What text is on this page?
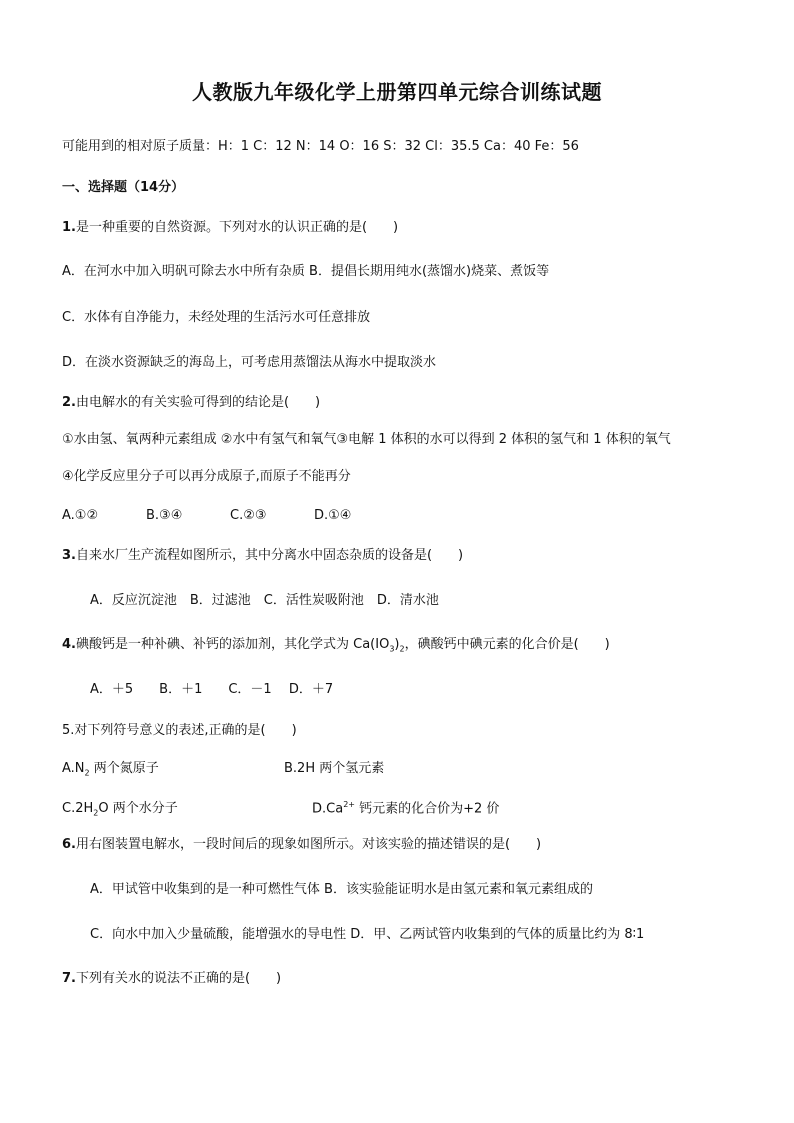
人教版九年级化学上册第四单元综合训练试题
可能用到的相对原子质量：H：1 C：12 N：14 O：16 S：32 Cl：35.5 Ca：40 Fe：56
一、选择题（14分）
1.是一种重要的自然资源。下列对水的认识正确的是(　　)
A．在河水中加入明矾可除去水中所有杂质 B．提倡长期用纯水(蒸馏水)烧菜、煮饭等
C．水体有自净能力，未经处理的生活污水可任意排放
D．在淡水资源缺乏的海岛上，可考虑用蒸馏法从海水中提取淡水
2.由电解水的有关实验可得到的结论是(　　)
①水由氢、氧两种元素组成 ②水中有氢气和氧气③电解 1 体积的水可以得到 2 体积的氢气和 1 体积的氧气
④化学反应里分子可以再分成原子,而原子不能再分
A.①②	B.③④	C.②③	D.①④
3.自来水厂生产流程如图所示，其中分离水中固态杂质的设备是(　　)
A．反应沉淀池　B．过滤池　C．活性炭吸附池　D．清水池
4.碘酸钙是一种补碘、补钙的添加剂，其化学式为 $Ca(IO_3)_2$，碘酸钙中碘元素的化合价是(　　)
A．＋5　　B．＋1　　C．－1　 D．＋7
5.对下列符号意义的表述,正确的是(　　)
$A.N_2$ 两个氮原子	B.2H 两个氢元素
$C.2H_2O$ 两个水分子	$D.Ca^{2+}$ 钙元素的化合价为+2 价
6.用右图装置电解水，一段时间后的现象如图所示。对该实验的描述错误的是(　　)
A．甲试管中收集到的是一种可燃性气体 B．该实验能证明水是由氢元素和氧元素组成的
C．向水中加入少量硫酸，能增强水的导电性 D．甲、乙两试管内收集到的气体的质量比约为 8∶1
7.下列有关水的说法不正确的是(　　)
